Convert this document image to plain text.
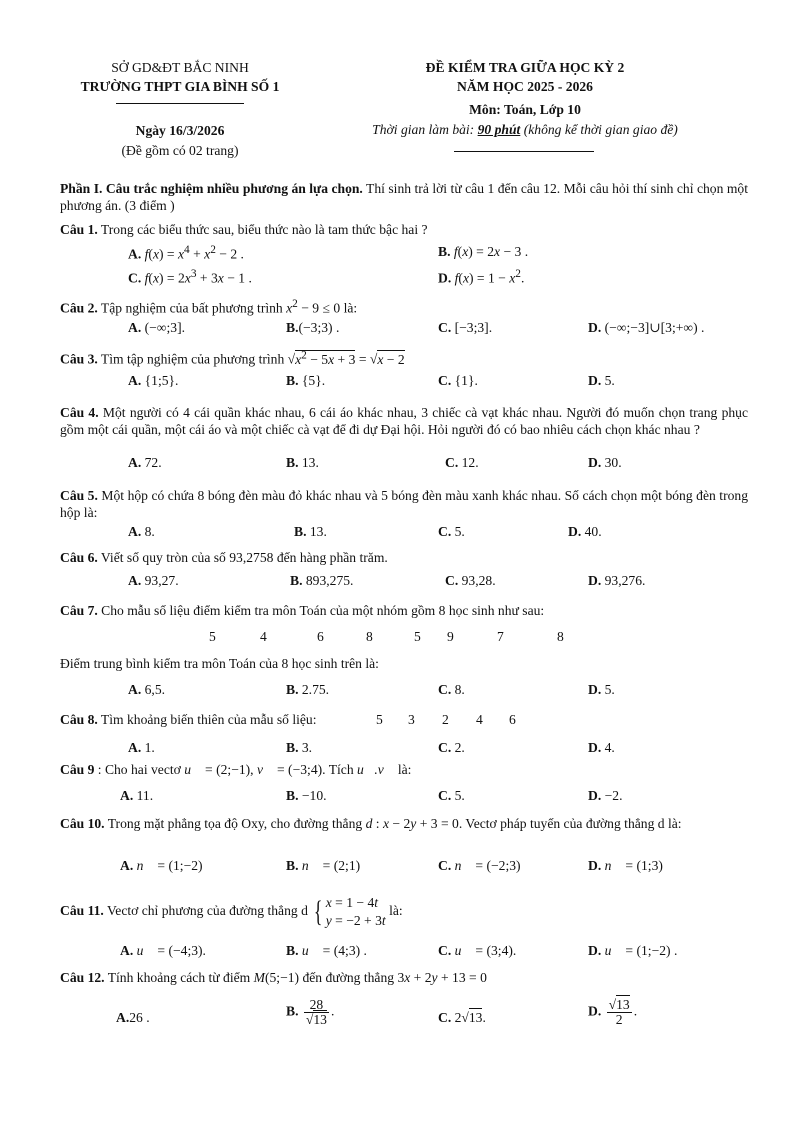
SỞ GD&ĐT BẮC NINH
TRƯỜNG THPT GIA BÌNH SỐ 1
Ngày 16/3/2026
(Đề gồm có 02 trang)
ĐỀ KIỂM TRA GIỮA HỌC KỲ 2
NĂM HỌC 2025 - 2026
Môn: Toán, Lớp 10
Thời gian làm bài: 90 phút (không kể thời gian giao đề)
Phần I. Câu trắc nghiệm nhiều phương án lựa chọn. Thí sinh trả lời từ câu 1 đến câu 12. Mỗi câu hỏi thí sinh chỉ chọn một phương án. (3 điểm )
Câu 1. Trong các biểu thức sau, biểu thức nào là tam thức bậc hai ?
A. $f(x) = x^4 + x^2 - 2$ .	B. f(x) = 2x − 3 .
C. $f(x) = 2x^3 + 3x - 1$ .	D. $f(x) = 1 - x^2$.
Câu 2. Tập nghiệm của bất phương trình $x^2 - 9 \le 0$ là:
A. (−∞;3].	B.(−3;3) .	C. [−3;3].	D. (−∞;−3]∪[3;+∞) .
Câu 3. Tìm tập nghiệm của phương trình $√x^2 - 5x + 3 = √x - 2$
A. {1;5}.	B. {5}.	C. {1}.	D. 5.
Câu 4. Một người có 4 cái quần khác nhau, 6 cái áo khác nhau, 3 chiếc cà vạt khác nhau. Người đó muốn chọn trang phục gồm một cái quần, một cái áo và một chiếc cà vạt để đi dự Đại hội. Hỏi người đó có bao nhiêu cách chọn khác nhau ?
A. 72.	B. 13.	C. 12.	D. 30.
Câu 5. Một hộp có chứa 8 bóng đèn màu đỏ khác nhau và 5 bóng đèn màu xanh khác nhau. Số cách chọn một bóng đèn trong hộp là:
A. 8.	B. 13.	C. 5.	D. 40.
Câu 6. Viết số quy tròn của số 93,2758 đến hàng phần trăm.
A. 93,27.	B. 893,275.	C. 93,28.	D. 93,276.
Câu 7. Cho mẫu số liệu điểm kiểm tra môn Toán của một nhóm gồm 8 học sinh như sau:
5	4	6	8	5 9	7	8
Điểm trung bình kiểm tra môn Toán của 8 học sinh trên là:
A. 6,5.	B. 2.75.	C. 8.	D. 5.
Câu 8. Tìm khoảng biến thiên của mẫu số liệu:	5 3 2 4 6
A. 1.	B. 3.	C. 2.	D. 4.
Câu 9 : Cho hai vectơ u⃗ = (2;−1), v⃗ = (−3;4). Tích u⃗.v⃗ là:
A. 11.	B. −10.	C. 5.	D. −2.
Câu 10. Trong mặt phẳng tọa độ Oxy, cho đường thẳng d : x − 2y + 3 = 0. Vectơ pháp tuyến của đường thẳng d là:
A. n⃗ = (1;−2)	B. n⃗ = (2;1)	C. n⃗ = (−2;3)	D. n⃗ = (1;3)
Câu 11. Vectơ chỉ phương của đường thẳng d { x = 1 − 4t
y = −2 + 3t là:
A. u⃗ = (−4;3).	B. u⃗ = (4;3) .	C. u⃗ = (3;4).	D. u⃗ = (1;−2) .
Câu 12. Tính khoảng cách từ điểm M(5;−1) đến đường thẳng 3x + 2y + 13 = 0
A.26 .	B. $\frac{28}{√13}$ .	C. 2√13.	D. $\frac{√13}{2}$ .
